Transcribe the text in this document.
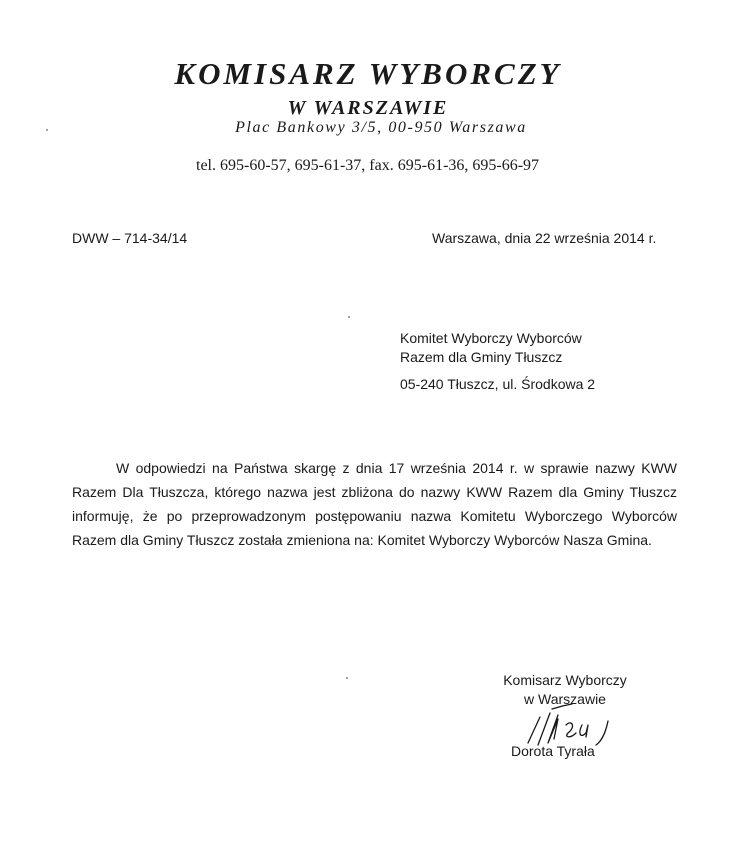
KOMISARZ WYBORCZY
W WARSZAWIE
Plac Bankowy 3/5, 00-950 Warszawa
tel. 695-60-57, 695-61-37, fax. 695-61-36, 695-66-97
DWW – 714-34/14	Warszawa, dnia 22 września 2014 r.
Komitet Wyborczy Wyborców
Razem dla Gminy Tłuszcz
05-240 Tłuszcz, ul. Środkowa 2
W odpowiedzi na Państwa skargę z dnia 17 września 2014 r. w sprawie nazwy KWW Razem Dla Tłuszcza, którego nazwa jest zbliżona do nazwy KWW Razem dla Gminy Tłuszcz informuję, że po przeprowadzonym postępowaniu nazwa Komitetu Wyborczego Wyborców Razem dla Gminy Tłuszcz została zmieniona na: Komitet Wyborczy Wyborców Nasza Gmina.
Komisarz Wyborczy
w Warszawie
Dorota Tyrała
